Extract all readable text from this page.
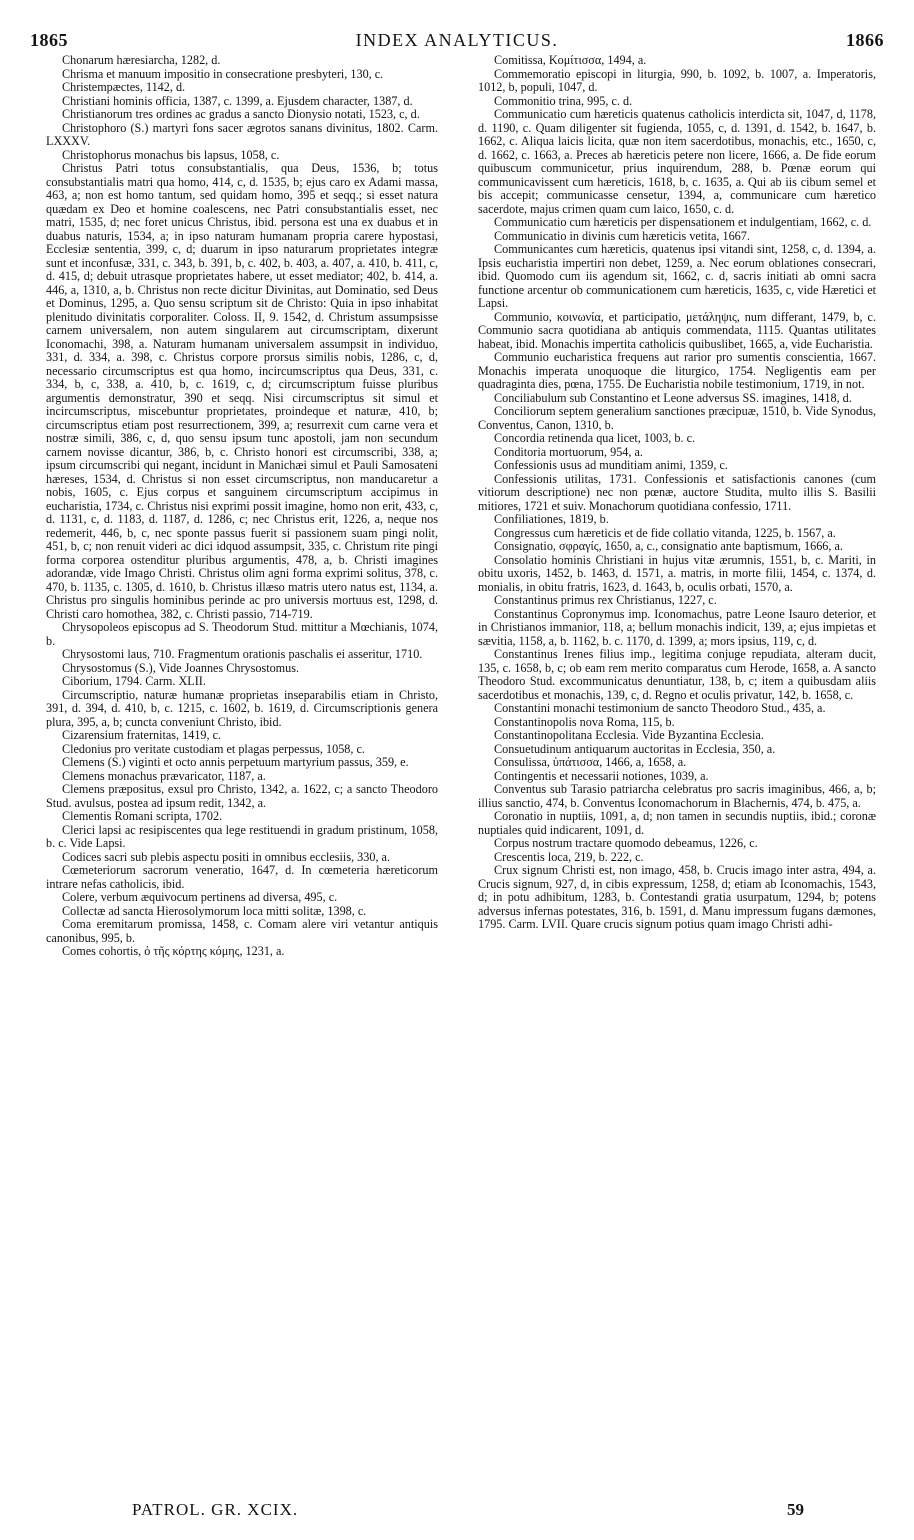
1865	INDEX ANALYTICUS.	1866

Chonarum hæresiarcha, 1282, d.

Chrisma et manuum impositio in consecratione presbyteri, 130, c.

Christempæctes, 1142, d.

Christiani hominis officia, 1387, c. 1399, a. Ejusdem character, 1387, d.

Christianorum tres ordines ac gradus a sancto Dionysio notati, 1523, c, d.

Christophoro (S.) martyri fons sacer ægrotos sanans divinitus, 1802. Carm. LXXXV.

Christophorus monachus bis lapsus, 1058, c.

Christus Patri totus consubstantialis, qua Deus, 1536, b; totus consubstantialis matri qua homo, 414, c, d. 1535, b; ejus caro ex Adami massa, 463, a; non est homo tantum, sed quidam homo, 395 et seqq.; si esset natura quædam ex Deo et homine coalescens, nec Patri consubstantialis esset, nec matri, 1535, d; nec foret unicus Christus, ibid. persona est una ex duabus et in duabus naturis, 1534, a; in ipso naturam humanam propria carere hypostasi, Ecclesiæ sententia, 399, c, d; duarum in ipso naturarum proprietates integræ sunt et inconfusæ, 331, c. 343, b. 391, b, c. 402, b. 403, a. 407, a. 410, b. 411, c, d. 415, d; debuit utrasque proprietates habere, ut esset mediator; 402, b. 414, a. 446, a, 1310, a, b. Christus non recte dicitur Divinitas, aut Dominatio, sed Deus et Dominus, 1295, a. Quo sensu scriptum sit de Christo: Quia in ipso inhabitat plenitudo divinitatis corporaliter. Coloss. II, 9. 1542, d. Christum assumpsisse carnem universalem, non autem singularem aut circumscriptam, dixerunt Iconomachi, 398, a. Naturam humanam universalem assumpsit in individuo, 331, d. 334, a. 398, c. Christus corpore prorsus similis nobis, 1286, c, d, necessario circumscriptus est qua homo, incircumscriptus qua Deus, 331, c. 334, b, c, 338, a. 410, b, c. 1619, c, d; circumscriptum fuisse pluribus argumentis demonstratur, 390 et seqq. Nisi circumscriptus sit simul et incircumscriptus, miscebuntur proprietates, proindeque et naturæ, 410, b; circumscriptus etiam post resurrectionem, 399, a; resurrexit cum carne vera et nostræ simili, 386, c, d, quo sensu ipsum tunc apostoli, jam non secundum carnem novisse dicantur, 386, b, c. Christo honori est circumscribi, 338, a; ipsum circumscribi qui negant, incidunt in Manichæi simul et Pauli Samosateni hæreses, 1534, d. Christus si non esset circumscriptus, non manducaretur a nobis, 1605, c. Ejus corpus et sanguinem circumscriptum accipimus in eucharistia, 1734, c. Christus nisi exprimi possit imagine, homo non erit, 433, c, d. 1131, c, d. 1183, d. 1187, d. 1286, c; nec Christus erit, 1226, a, neque nos redemerit, 446, b, c, nec sponte passus fuerit si passionem suam pingi nolit, 451, b, c; non renuit videri ac dici idquod assumpsit, 335, c. Christum rite pingi forma corporea ostenditur pluribus argumentis, 478, a, b. Christi imagines adorandæ, vide Imago Christi. Christus olim agni forma exprimi solitus, 378, c. 470, b. 1135, c. 1305, d. 1610, b. Christus illæso matris utero natus est, 1134, a. Christus pro singulis hominibus perinde ac pro universis mortuus est, 1298, d. Christi caro homothea, 382, c. Christi passio, 714-719.

Chrysopoleos episcopus ad S. Theodorum Stud. mittitur a Mœchianis, 1074, b.

Chrysostomi laus, 710. Fragmentum orationis paschalis ei asseritur, 1710.

Chrysostomus (S.), Vide Joannes Chrysostomus.

Ciborium, 1794. Carm. XLII.

Circumscriptio, naturæ humanæ proprietas inseparabilis etiam in Christo, 391, d. 394, d. 410, b, c. 1215, c. 1602, b. 1619, d. Circumscriptionis genera plura, 395, a, b; cuncta conveniunt Christo, ibid.

Cizarensium fraternitas, 1419, c.

Cledonius pro veritate custodiam et plagas perpessus, 1058, c.

Clemens (S.) viginti et octo annis perpetuum martyrium passus, 359, e.

Clemens monachus prævaricator, 1187, a.

Clemens præpositus, exsul pro Christo, 1342, a. 1622, c; a sancto Theodoro Stud. avulsus, postea ad ipsum redit, 1342, a.

Clementis Romani scripta, 1702.

Clerici lapsi ac resipiscentes qua lege restituendi in gradum pristinum, 1058, b. c. Vide Lapsi.

Codices sacri sub plebis aspectu positi in omnibus ecclesiis, 330, a.

Cœmeteriorum sacrorum veneratio, 1647, d. In cœmeteria hæreticorum intrare nefas catholicis, ibid.

Colere, verbum æquivocum pertinens ad diversa, 495, c.

Collectæ ad sancta Hierosolymorum loca mitti solitæ, 1398, c.

Coma eremitarum promissa, 1458, c. Comam alere viri vetantur antiquis canonibus, 995, b.

Comes cohortis, ὁ τῆς κόρτης κόμης, 1231, a.

Comitissa, Κομίτισσα, 1494, a.

Commemoratio episcopi in liturgia, 990, b. 1092, b. 1007, a. Imperatoris, 1012, b, populi, 1047, d.

Commonitio trina, 995, c. d.

Communicatio cum hæreticis quatenus catholicis interdicta sit, 1047, d, 1178, d. 1190, c. Quam diligenter sit fugienda, 1055, c, d. 1391, d. 1542, b. 1647, b. 1662, c. Aliqua laicis licita, quæ non item sacerdotibus, monachis, etc., 1650, c, d. 1662, c. 1663, a. Preces ab hæreticis petere non licere, 1666, a. De fide eorum quibuscum communicetur, prius inquirendum, 288, b. Pœnæ eorum qui communicavissent cum hæreticis, 1618, b, c. 1635, a. Qui ab iis cibum semel et bis accepit; communicasse censetur, 1394, a, communicare cum hæretico sacerdote, majus crimen quam cum laico, 1650, c. d.

Communicatio cum hæreticis per dispensationem et indulgentiam, 1662, c. d.

Communicatio in divinis cum hæreticis vetita, 1667.

Communicantes cum hæreticis, quatenus ipsi vitandi sint, 1258, c, d. 1394, a. Ipsis eucharistia impertiri non debet, 1259, a. Nec eorum oblationes consecrari, ibid. Quomodo cum iis agendum sit, 1662, c. d, sacris initiati ab omni sacra functione arcentur ob communicationem cum hæreticis, 1635, c, vide Hæretici et Lapsi.

Communio, κοινωνία, et participatio, μετάληψις, num differant, 1479, b, c. Communio sacra quotidiana ab antiquis commendata, 1115. Quantas utilitates habeat, ibid. Monachis impertita catholicis quibuslibet, 1665, a, vide Eucharistia.

Communio eucharistica frequens aut rarior pro sumentis conscientia, 1667. Monachis imperata unoquoque die liturgico, 1754. Negligentis eam per quadraginta dies, pœna, 1755. De Eucharistia nobile testimonium, 1719, in not.

Conciliabulum sub Constantino et Leone adversus SS. imagines, 1418, d.

Conciliorum septem generalium sanctiones præcipuæ, 1510, b. Vide Synodus, Conventus, Canon, 1310, b.

Concordia retinenda qua licet, 1003, b. c.

Conditoria mortuorum, 954, a.

Confessionis usus ad munditiam animi, 1359, c.

Confessionis utilitas, 1731. Confessionis et satisfactionis canones (cum vitiorum descriptione) nec non pœnæ, auctore Studita, multo illis S. Basilii mitiores, 1721 et suiv. Monachorum quotidiana confessio, 1711.

Confiliationes, 1819, b.

Congressus cum hæreticis et de fide collatio vitanda, 1225, b. 1567, a.

Consignatio, σφραγίς, 1650, a, c., consignatio ante baptismum, 1666, a.

Consolatio hominis Christiani in hujus vitæ ærumnis, 1551, b, c. Mariti, in obitu uxoris, 1452, b. 1463, d. 1571, a. matris, in morte filii, 1454, c. 1374, d. monialis, in obitu fratris, 1623, d. 1643, b, oculis orbati, 1570, a.

Constantinus primus rex Christianus, 1227, c.

Constantinus Copronymus imp. Iconomachus, patre Leone Isauro deterior, et in Christianos immanior, 118, a; bellum monachis indicit, 139, a; ejus impietas et sævitia, 1158, a, b. 1162, b. c. 1170, d. 1399, a; mors ipsius, 119, c, d.

Constantinus Irenes filius imp., legitima conjuge repudiata, alteram ducit, 135, c. 1658, b, c; ob eam rem merito comparatus cum Herode, 1658, a. A sancto Theodoro Stud. excommunicatus denuntiatur, 138, b, c; item a quibusdam aliis sacerdotibus et monachis, 139, c, d. Regno et oculis privatur, 142, b. 1658, c.

Constantini monachi testimonium de sancto Theodoro Stud., 435, a.

Constantinopolis nova Roma, 115, b.

Constantinopolitana Ecclesia. Vide Byzantina Ecclesia.

Consuetudinum antiquarum auctoritas in Ecclesia, 350, a.

Consulissa, ὑπάτισσα, 1466, a, 1658, a.

Contingentis et necessarii notiones, 1039, a.

Conventus sub Tarasio patriarcha celebratus pro sacris imaginibus, 466, a, b; illius sanctio, 474, b. Conventus Iconomachorum in Blachernis, 474, b. 475, a.

Coronatio in nuptiis, 1091, a, d; non tamen in secundis nuptiis, ibid.; coronæ nuptiales quid indicarent, 1091, d.

Corpus nostrum tractare quomodo debeamus, 1226, c.

Crescentis loca, 219, b. 222, c.

Crux signum Christi est, non imago, 458, b. Crucis imago inter astra, 494, a. Crucis signum, 927, d, in cibis expressum, 1258, d; etiam ab Iconomachis, 1543, d; in potu adhibitum, 1283, b. Contestandi gratia usurpatum, 1294, b; potens adversus infernas potestates, 316, b. 1591, d. Manu impressum fugans dæmones, 1795. Carm. LVII. Quare crucis signum potius quam imago Christi adhi-

PATROL. GR. XCIX.	59
